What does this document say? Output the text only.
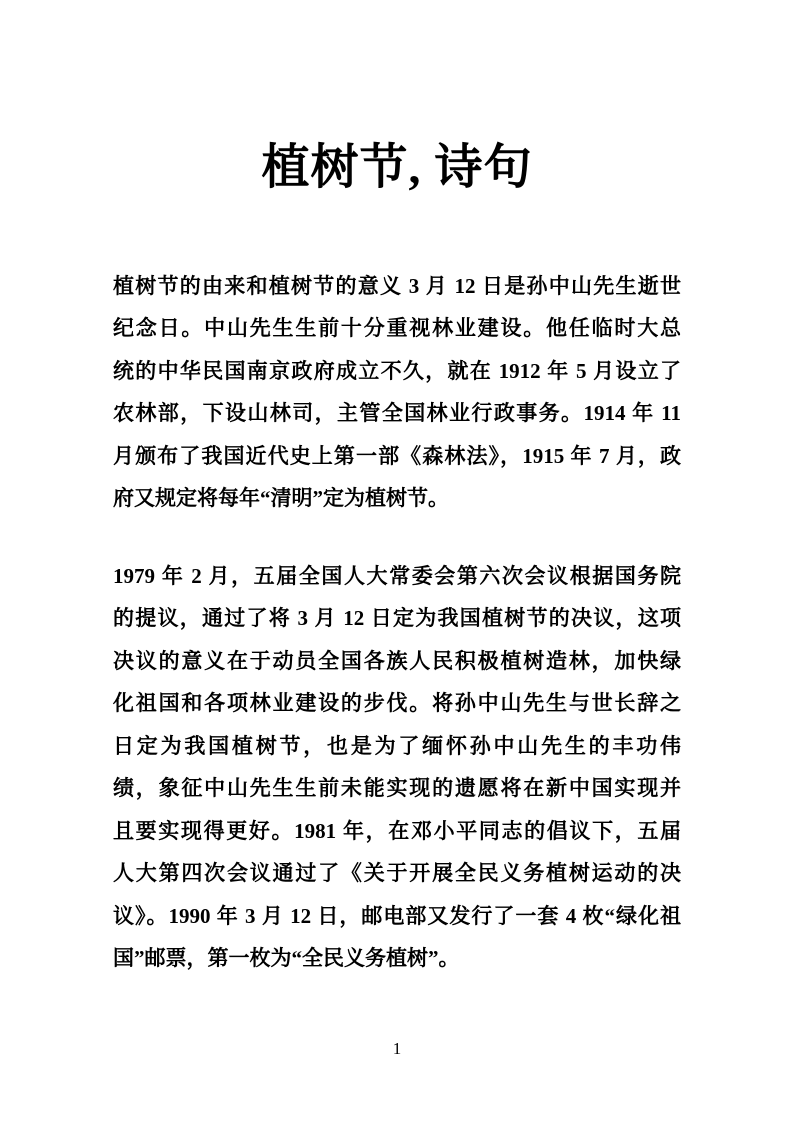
植树节, 诗句
植树节的由来和植树节的意义 3 月 12 日是孙中山先生逝世
纪念日。中山先生生前十分重视林业建设。他任临时大总
统的中华民国南京政府成立不久，就在 1912 年 5 月设立了
农林部，下设山林司，主管全国林业行政事务。1914 年 11
月颁布了我国近代史上第一部《森林法》，1915 年 7 月，政
府又规定将每年“清明”定为植树节。
1979 年 2 月，五届全国人大常委会第六次会议根据国务院
的提议，通过了将 3 月 12 日定为我国植树节的决议，这项
决议的意义在于动员全国各族人民积极植树造林，加快绿
化祖国和各项林业建设的步伐。将孙中山先生与世长辞之
日定为我国植树节，也是为了缅怀孙中山先生的丰功伟
绩，象征中山先生生前未能实现的遗愿将在新中国实现并
且要实现得更好。1981 年，在邓小平同志的倡议下，五届
人大第四次会议通过了《关于开展全民义务植树运动的决
议》。1990 年 3 月 12 日，邮电部又发行了一套 4 枚“绿化祖
国”邮票，第一枚为“全民义务植树”。
1
